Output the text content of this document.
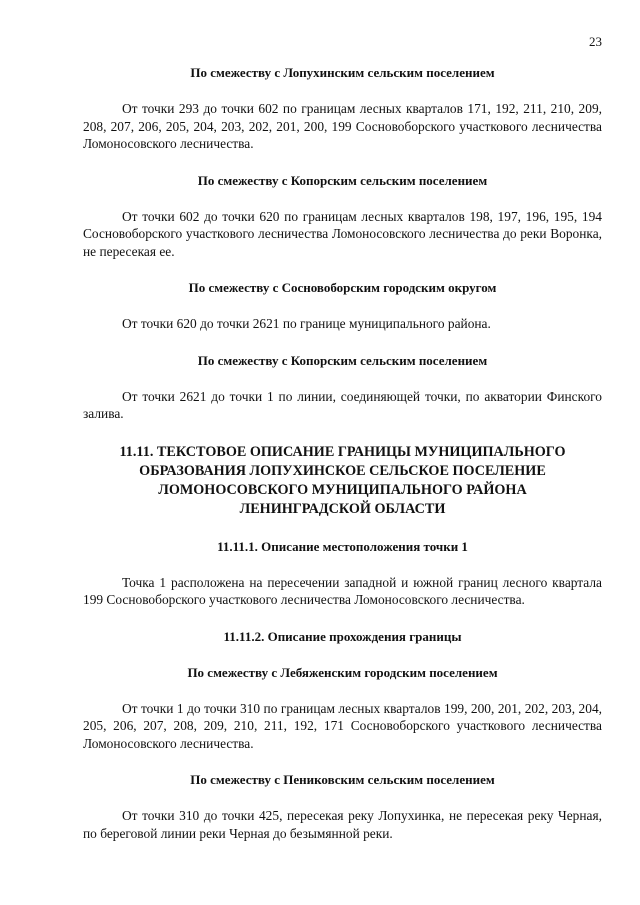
23

По смежеству с Лопухинским сельским поселением

От точки 293 до точки 602 по границам лесных кварталов 171, 192, 211, 210, 209, 208, 207, 206, 205, 204, 203, 202, 201, 200, 199 Сосновоборского участкового лесничества Ломоносовского лесничества.

По смежеству с Копорским сельским поселением

От точки 602 до точки 620 по границам лесных кварталов 198, 197, 196, 195, 194 Сосновоборского участкового лесничества Ломоносовского лесничества до реки Воронка, не пересекая ее.

По смежеству с Сосновоборским городским округом

От точки 620 до точки 2621 по границе муниципального района.

По смежеству с Копорским сельским поселением

От точки 2621 до точки 1 по линии, соединяющей точки, по акватории Финского залива.

11.11. ТЕКСТОВОЕ ОПИСАНИЕ ГРАНИЦЫ МУНИЦИПАЛЬНОГО
ОБРАЗОВАНИЯ ЛОПУХИНСКОЕ СЕЛЬСКОЕ ПОСЕЛЕНИЕ
ЛОМОНОСОВСКОГО МУНИЦИПАЛЬНОГО РАЙОНА
ЛЕНИНГРАДСКОЙ ОБЛАСТИ

11.11.1. Описание местоположения точки 1

Точка 1 расположена на пересечении западной и южной границ лесного квартала 199 Сосновоборского участкового лесничества Ломоносовского лесничества.

11.11.2. Описание прохождения границы

По смежеству с Лебяженским городским поселением

От точки 1 до точки 310 по границам лесных кварталов 199, 200, 201, 202, 203, 204, 205, 206, 207, 208, 209, 210, 211, 192, 171 Сосновоборского участкового лесничества Ломоносовского лесничества.

По смежеству с Пениковским сельским поселением

От точки 310 до точки 425, пересекая реку Лопухинка, не пересекая реку Черная, по береговой линии реки Черная до безымянной реки.
